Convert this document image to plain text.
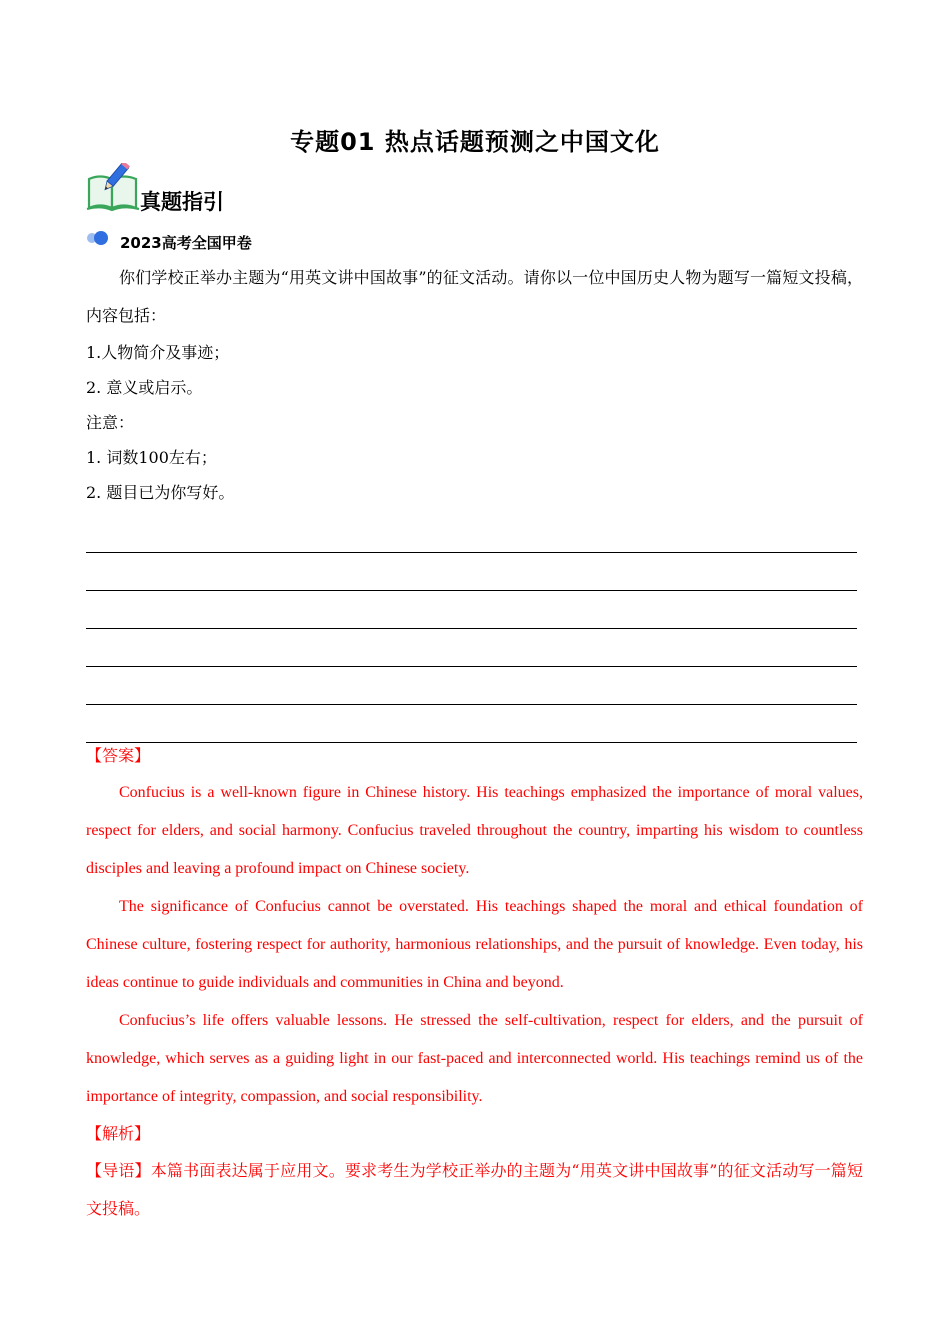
专题01 热点话题预测之中国文化
真题指引
2023高考全国甲卷

你们学校正举办主题为“用英文讲中国故事”的征文活动。请你以一位中国历史人物为题写一篇短文投稿，内容包括：

1.人物简介及事迹；

2. 意义或启示。

注意：

1. 词数100左右；

2. 题目已为你写好。

【答案】

Confucius is a well-known figure in Chinese history. His teachings emphasized the importance of moral values, respect for elders, and social harmony. Confucius traveled throughout the country, imparting his wisdom to countless disciples and leaving a profound impact on Chinese society.

The significance of Confucius cannot be overstated. His teachings shaped the moral and ethical foundation of Chinese culture, fostering respect for authority, harmonious relationships, and the pursuit of knowledge. Even today, his ideas continue to guide individuals and communities in China and beyond.

Confucius’s life offers valuable lessons. He stressed the self-cultivation, respect for elders, and the pursuit of knowledge, which serves as a guiding light in our fast-paced and interconnected world. His teachings remind us of the importance of integrity, compassion, and social responsibility.

【解析】

【导语】本篇书面表达属于应用文。要求考生为学校正举办的主题为“用英文讲中国故事”的征文活动写一篇短文投稿。
